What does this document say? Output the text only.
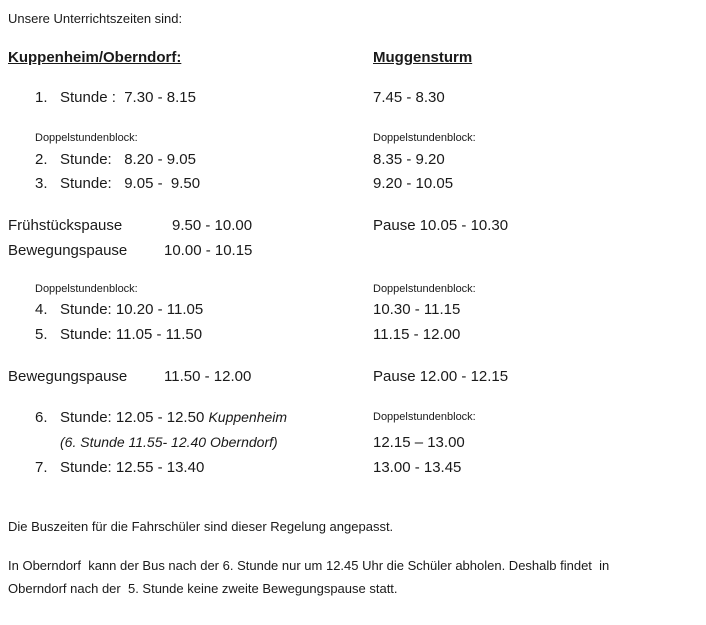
Unsere Unterrichtszeiten sind:
Kuppenheim/Oberndorf:	Muggensturm
1. Stunde :  7.30 - 8.15	7.45 - 8.30
Doppelstundenblock:	Doppelstundenblock:
2. Stunde:   8.20 - 9.05	8.35 - 9.20
3. Stunde:   9.05 -  9.50	9.20 - 10.05
Frühstückspause	9.50 - 10.00	Pause 10.05 - 10.30
Bewegungspause 10.00 - 10.15
Doppelstundenblock:	Doppelstundenblock:
4. Stunde: 10.20 - 11.05	10.30 - 11.15
5. Stunde: 11.05 - 11.50	11.15 - 12.00
Bewegungspause 11.50 - 12.00	Pause 12.00 - 12.15
6. Stunde: 12.05 - 12.50 Kuppenheim	Doppelstundenblock:
(6. Stunde 11.55- 12.40 Oberndorf)	12.15 – 13.00
7. Stunde: 12.55 - 13.40	13.00 - 13.45
Die Buszeiten für die Fahrschüler sind dieser Regelung angepasst.
In Oberndorf  kann der Bus nach der 6. Stunde nur um 12.45 Uhr die Schüler abholen. Deshalb findet  in
Oberndorf nach der  5. Stunde keine zweite Bewegungspause statt.
